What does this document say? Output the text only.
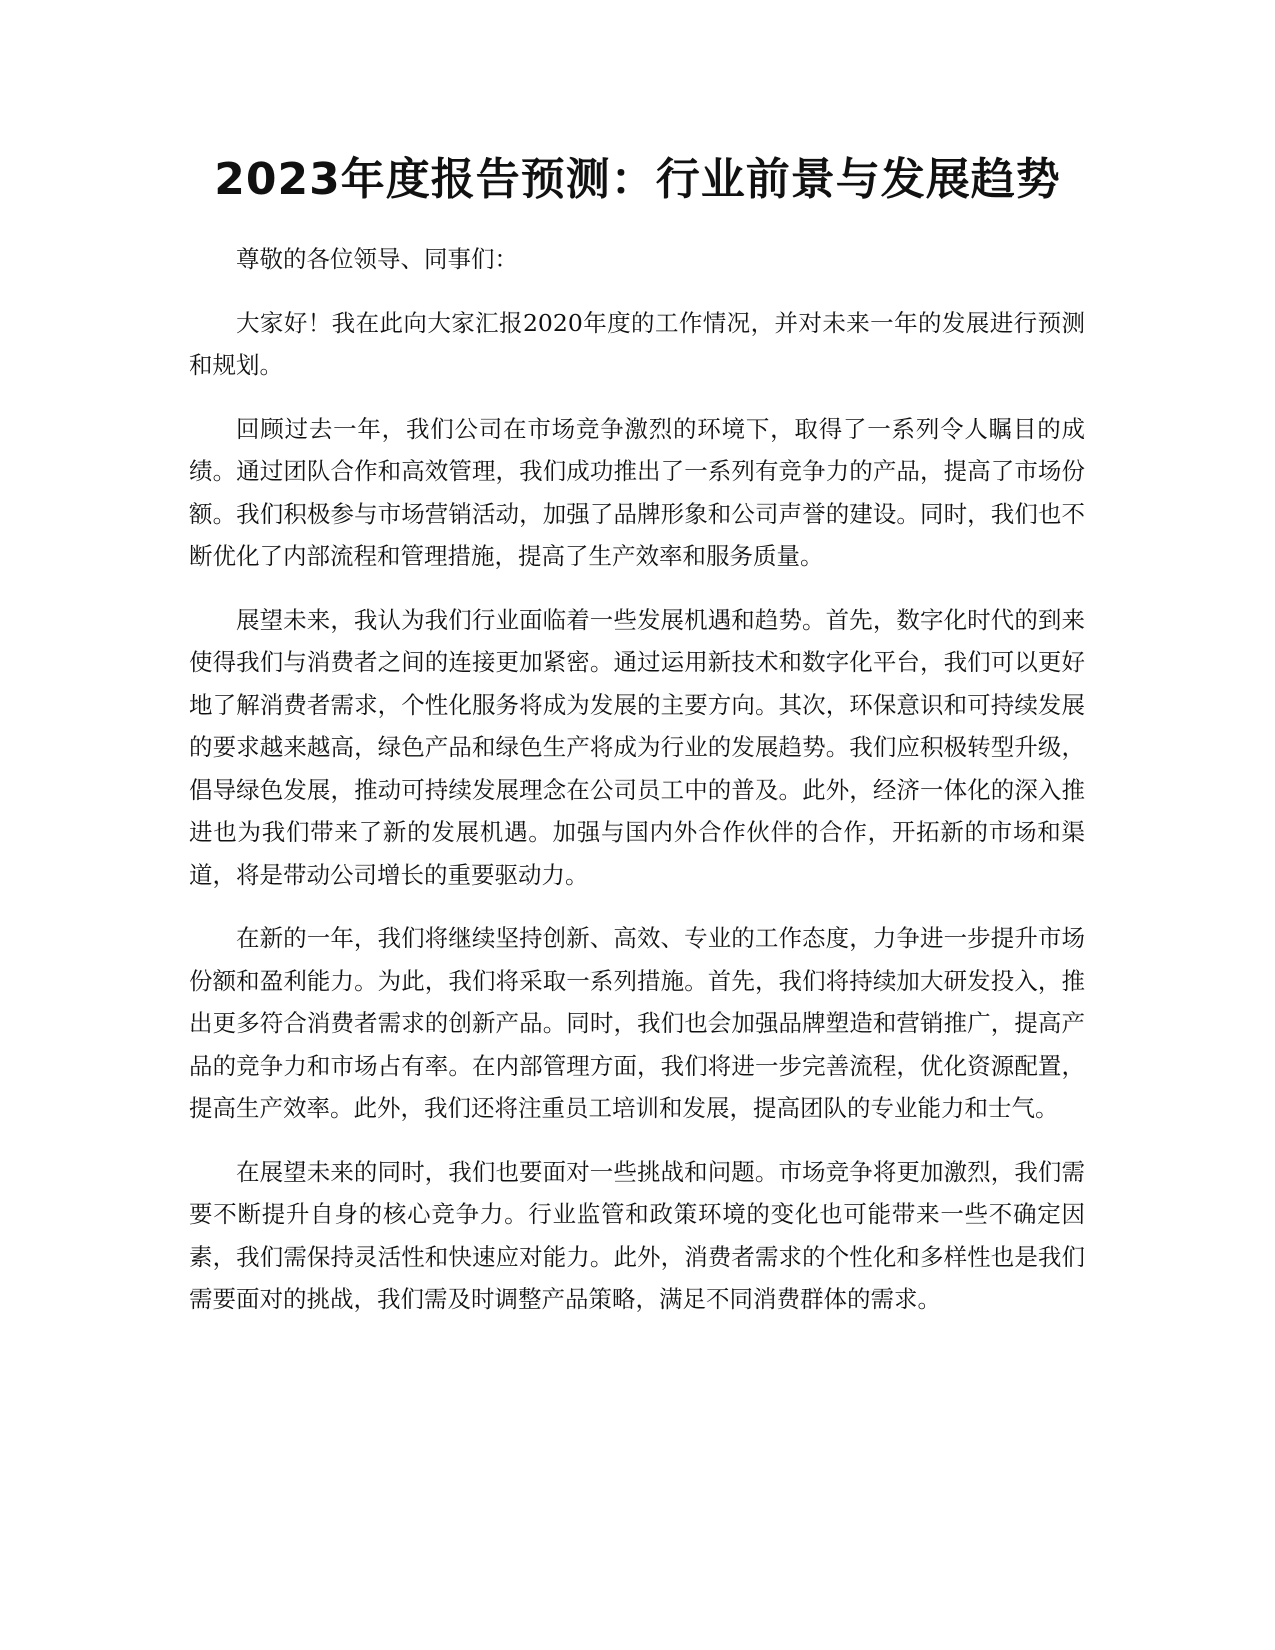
2023年度报告预测：行业前景与发展趋势

尊敬的各位领导、同事们：

大家好！我在此向大家汇报2020年度的工作情况，并对未来一年的发展进行预测和规划。

回顾过去一年，我们公司在市场竞争激烈的环境下，取得了一系列令人瞩目的成绩。通过团队合作和高效管理，我们成功推出了一系列有竞争力的产品，提高了市场份额。我们积极参与市场营销活动，加强了品牌形象和公司声誉的建设。同时，我们也不断优化了内部流程和管理措施，提高了生产效率和服务质量。

展望未来，我认为我们行业面临着一些发展机遇和趋势。首先，数字化时代的到来使得我们与消费者之间的连接更加紧密。通过运用新技术和数字化平台，我们可以更好地了解消费者需求，个性化服务将成为发展的主要方向。其次，环保意识和可持续发展的要求越来越高，绿色产品和绿色生产将成为行业的发展趋势。我们应积极转型升级，倡导绿色发展，推动可持续发展理念在公司员工中的普及。此外，经济一体化的深入推进也为我们带来了新的发展机遇。加强与国内外合作伙伴的合作，开拓新的市场和渠道，将是带动公司增长的重要驱动力。

在新的一年，我们将继续坚持创新、高效、专业的工作态度，力争进一步提升市场份额和盈利能力。为此，我们将采取一系列措施。首先，我们将持续加大研发投入，推出更多符合消费者需求的创新产品。同时，我们也会加强品牌塑造和营销推广，提高产品的竞争力和市场占有率。在内部管理方面，我们将进一步完善流程，优化资源配置，提高生产效率。此外，我们还将注重员工培训和发展，提高团队的专业能力和士气。

在展望未来的同时，我们也要面对一些挑战和问题。市场竞争将更加激烈，我们需要不断提升自身的核心竞争力。行业监管和政策环境的变化也可能带来一些不确定因素，我们需保持灵活性和快速应对能力。此外，消费者需求的个性化和多样性也是我们需要面对的挑战，我们需及时调整产品策略，满足不同消费群体的需求。
